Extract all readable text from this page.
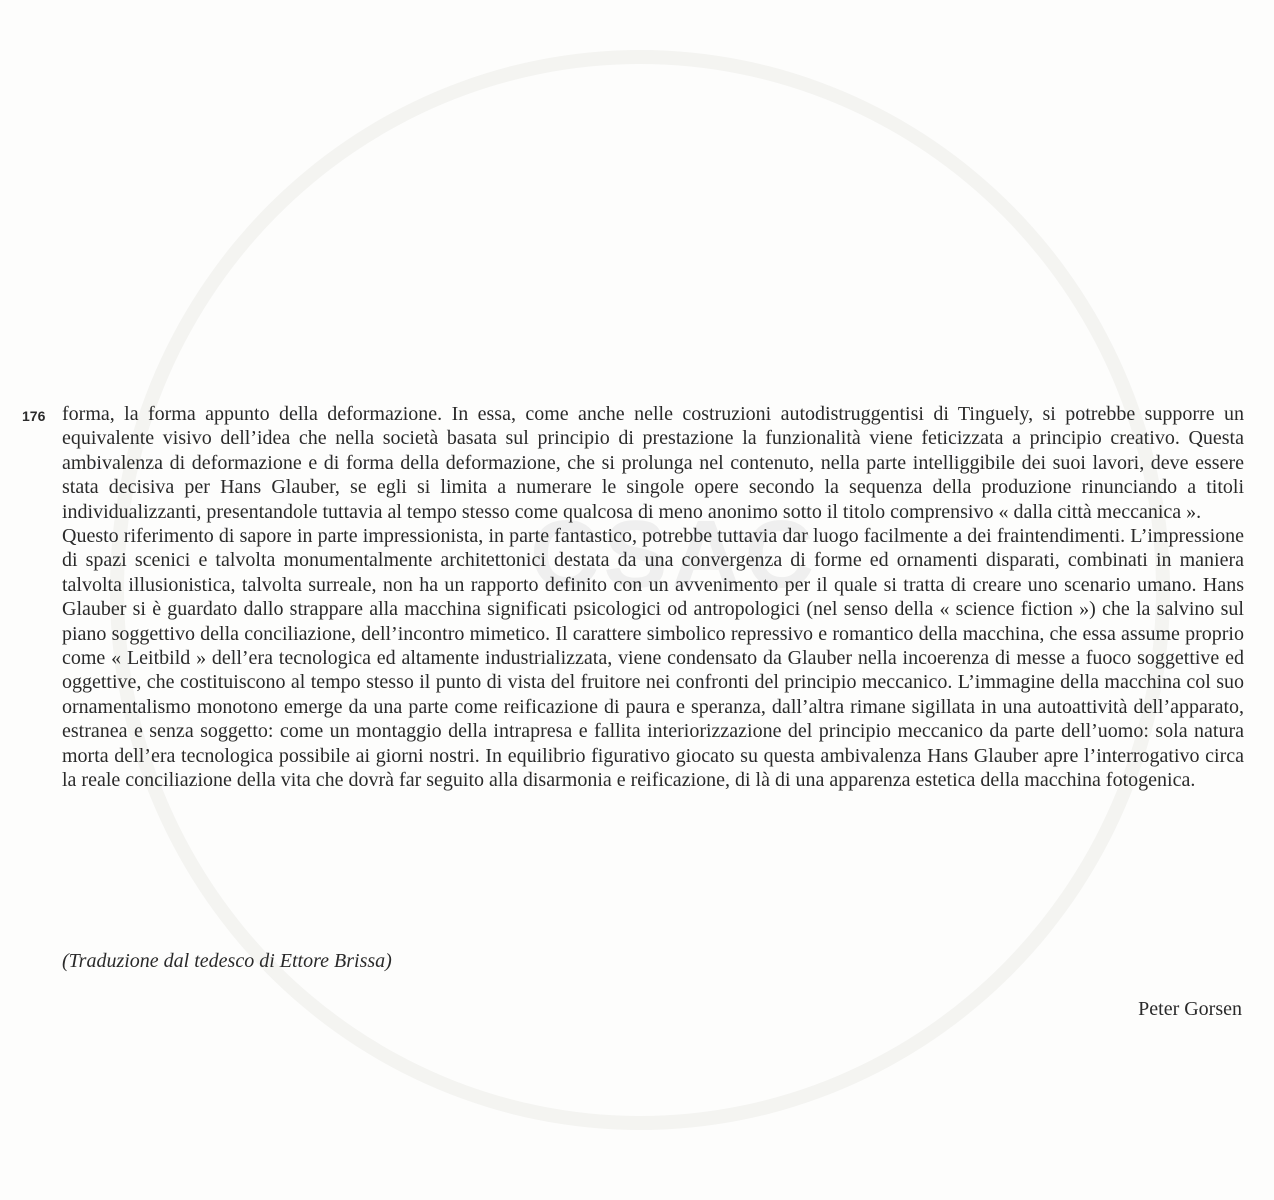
CSAC
176 forma, la forma appunto della deformazione. In essa, come anche nelle costruzioni autodistruggentisi di Tinguely, si potrebbe supporre un equivalente visivo dell’idea che nella società basata sul principio di prestazione la funzionalità viene feticizzata a principio creativo. Questa ambivalenza di deformazione e di forma della deformazione, che si prolunga nel contenuto, nella parte intelliggibile dei suoi lavori, deve essere stata decisiva per Hans Glauber, se egli si limita a numerare le singole opere secondo la sequenza della produzione rinunciando a titoli individualizzanti, presentandole tuttavia al tempo stesso come qualcosa di meno anonimo sotto il titolo comprensivo « dalla città meccanica ».

Questo riferimento di sapore in parte impressionista, in parte fantastico, potrebbe tuttavia dar luogo facilmente a dei fraintendimenti. L’impressione di spazi scenici e talvolta monumentalmente architettonici destata da una convergenza di forme ed ornamenti disparati, combinati in maniera talvolta illusionistica, talvolta surreale, non ha un rapporto definito con un avvenimento per il quale si tratta di creare uno scenario umano. Hans Glauber si è guardato dallo strappare alla macchina significati psicologici od antropologici (nel senso della « science fiction ») che la salvino sul piano soggettivo della conciliazione, dell’incontro mimetico. Il carattere simbolico repressivo e romantico della macchina, che essa assume proprio come « Leitbild » dell’era tecnologica ed altamente industrializzata, viene condensato da Glauber nella incoerenza di messe a fuoco soggettive ed oggettive, che costituiscono al tempo stesso il punto di vista del fruitore nei confronti del principio meccanico. L’immagine della macchina col suo ornamentalismo monotono emerge da una parte come reificazione di paura e speranza, dall’altra rimane sigillata in una autoattività dell’apparato, estranea e senza soggetto: come un montaggio della intrapresa e fallita interiorizzazione del principio meccanico da parte dell’uomo: sola natura morta dell’era tecnologica possibile ai giorni nostri. In equilibrio figurativo giocato su questa ambivalenza Hans Glauber apre l’interrogativo circa la reale conciliazione della vita che dovrà far seguito alla disarmonia e reificazione, di là di una apparenza estetica della macchina fotogenica.

(Traduzione dal tedesco di Ettore Brissa)
Peter Gorsen
